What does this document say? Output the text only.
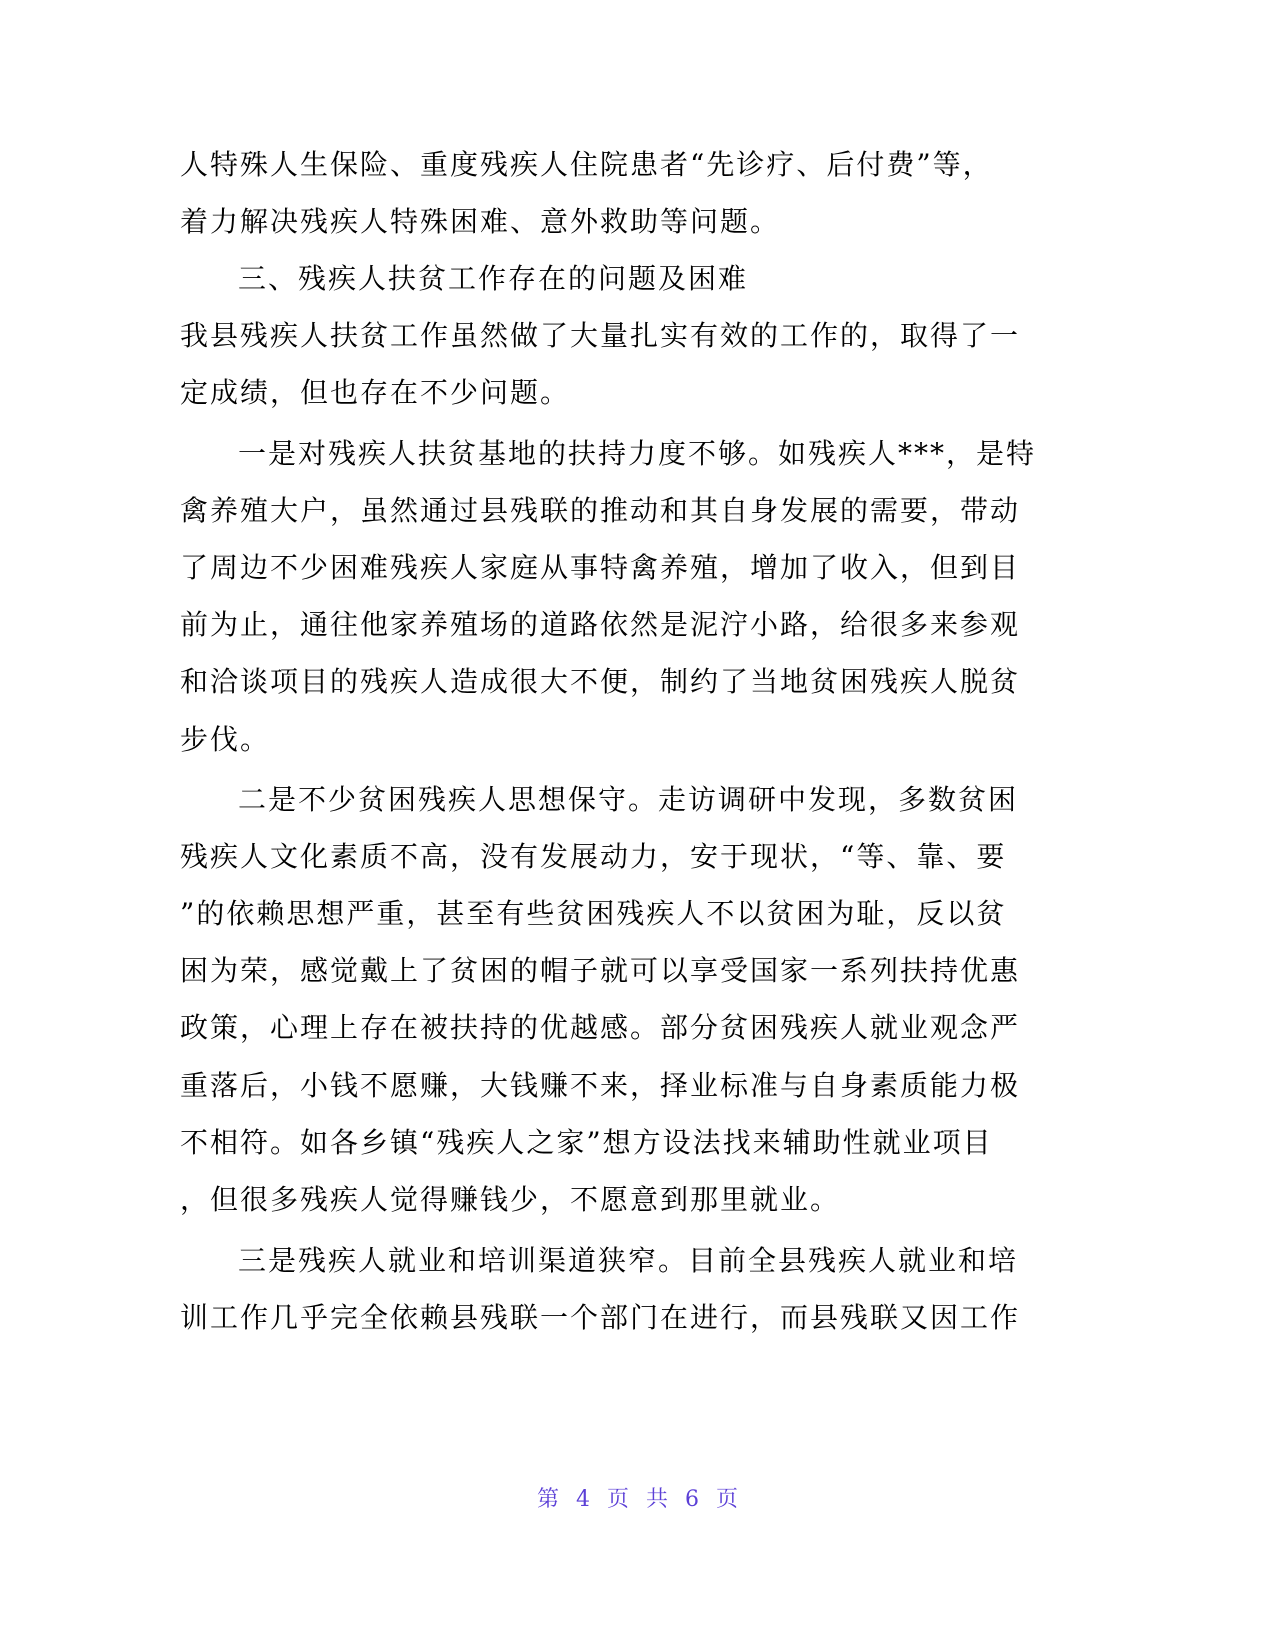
人特殊人生保险、重度残疾人住院患者“先诊疗、后付费”等，

着力解决残疾人特殊困难、意外救助等问题。

三、残疾人扶贫工作存在的问题及困难

我县残疾人扶贫工作虽然做了大量扎实有效的工作的，取得了一

定成绩，但也存在不少问题。

一是对残疾人扶贫基地的扶持力度不够。如残疾人***，是特

禽养殖大户，虽然通过县残联的推动和其自身发展的需要，带动

了周边不少困难残疾人家庭从事特禽养殖，增加了收入，但到目

前为止，通往他家养殖场的道路依然是泥泞小路，给很多来参观

和洽谈项目的残疾人造成很大不便，制约了当地贫困残疾人脱贫

步伐。

二是不少贫困残疾人思想保守。走访调研中发现，多数贫困

残疾人文化素质不高，没有发展动力，安于现状，“等、靠、要

”的依赖思想严重，甚至有些贫困残疾人不以贫困为耻，反以贫

困为荣，感觉戴上了贫困的帽子就可以享受国家一系列扶持优惠

政策，心理上存在被扶持的优越感。部分贫困残疾人就业观念严

重落后，小钱不愿赚，大钱赚不来，择业标准与自身素质能力极

不相符。如各乡镇“残疾人之家”想方设法找来辅助性就业项目

，但很多残疾人觉得赚钱少，不愿意到那里就业。

三是残疾人就业和培训渠道狭窄。目前全县残疾人就业和培

训工作几乎完全依赖县残联一个部门在进行，而县残联又因工作

第 4 页 共 6 页
